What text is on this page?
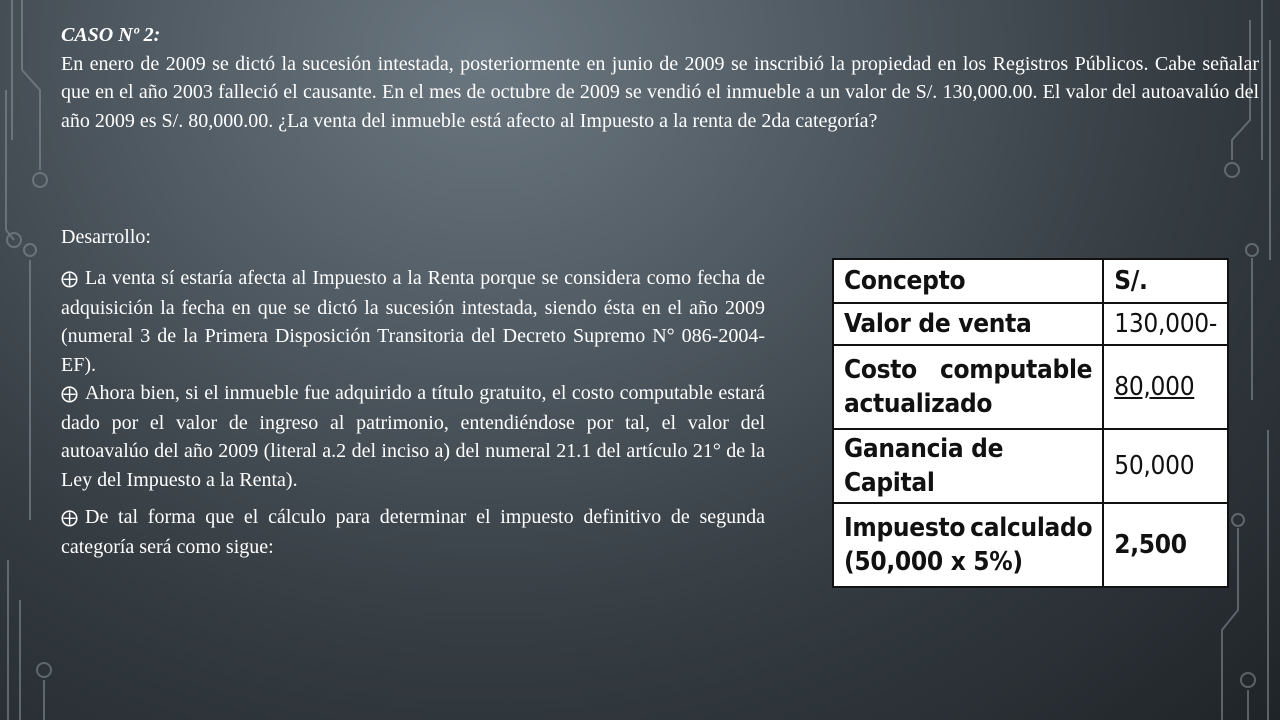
CASO Nº 2:
En enero de 2009 se dictó la sucesión intestada, posteriormente en junio de 2009 se inscribió la propiedad en los Registros Públicos. Cabe señalar que en el año 2003 falleció el causante. En el mes de octubre de 2009 se vendió el inmueble a un valor de S/. 130,000.00. El valor del autoavalúo del año 2009 es S/. 80,000.00. ¿La venta del inmueble está afecto al Impuesto a la renta de 2da categoría?
Desarrollo:

⨁ La venta sí estaría afecta al Impuesto a la Renta porque se considera como fecha de adquisición la fecha en que se dictó la sucesión intestada, siendo ésta en el año 2009 (numeral 3 de la Primera Disposición Transitoria del Decreto Supremo N° 086-2004-EF).

⨁ Ahora bien, si el inmueble fue adquirido a título gratuito, el costo computable estará dado por el valor de ingreso al patrimonio, entendiéndose por tal, el valor del autoavalúo del año 2009 (literal a.2 del inciso a) del numeral 21.1 del artículo 21° de la Ley del Impuesto a la Renta).

⨁ De tal forma que el cálculo para determinar el impuesto definitivo de segunda categoría será como sigue:

Concepto	S/.
Valor de venta	130,000-

Costo computable
actualizado	80,000
Ganancia de Capital	50,000

Impuesto calculado
(50,000 x 5%)	2,500
